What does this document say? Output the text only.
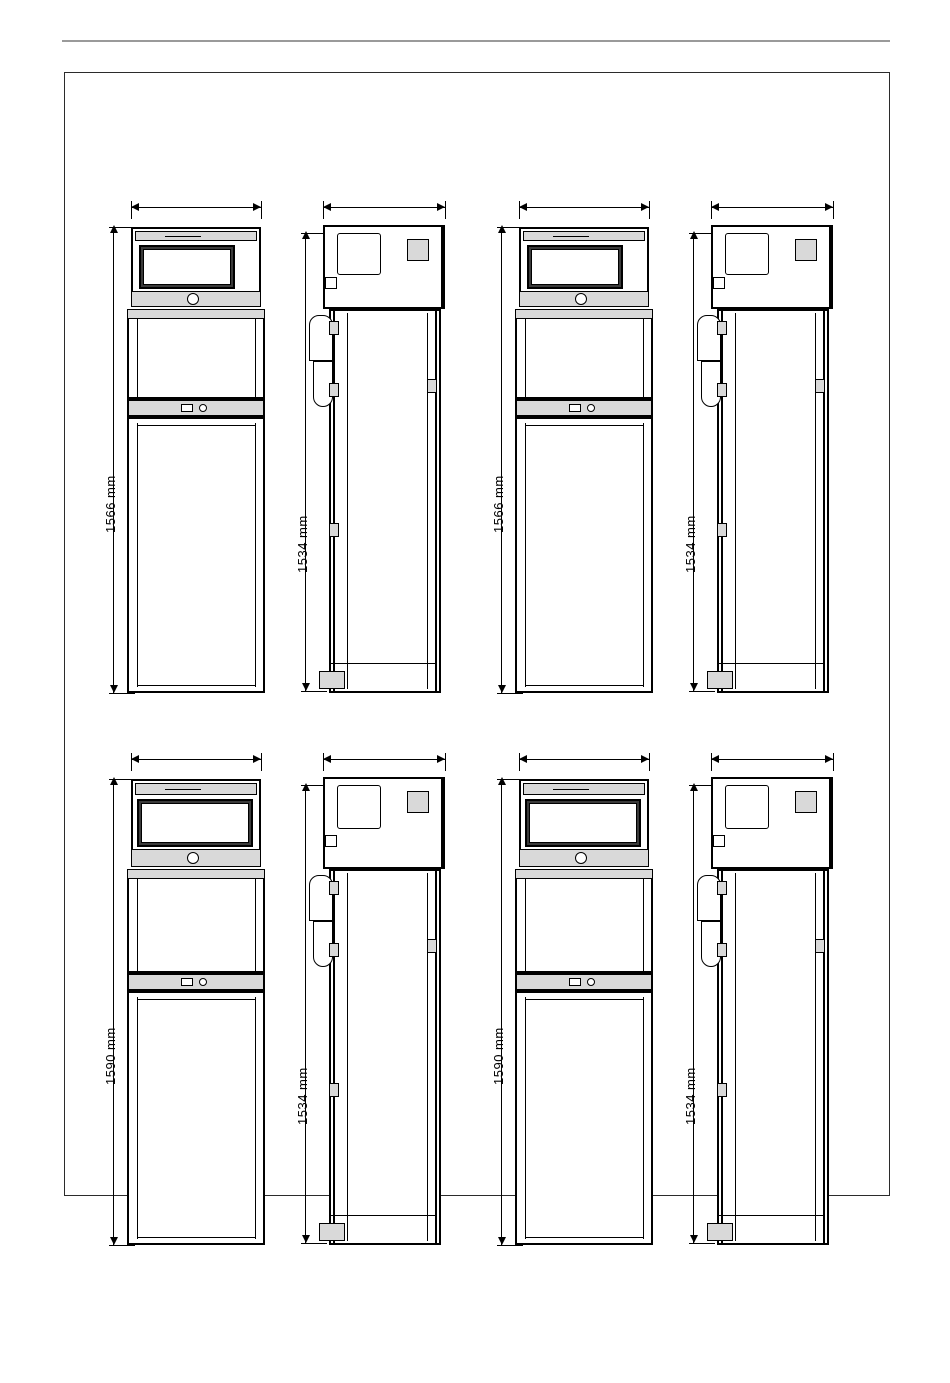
1566 mm
1534 mm
1566 mm
1534 mm
1590 mm
1534 mm
1590 mm
1534 mm
